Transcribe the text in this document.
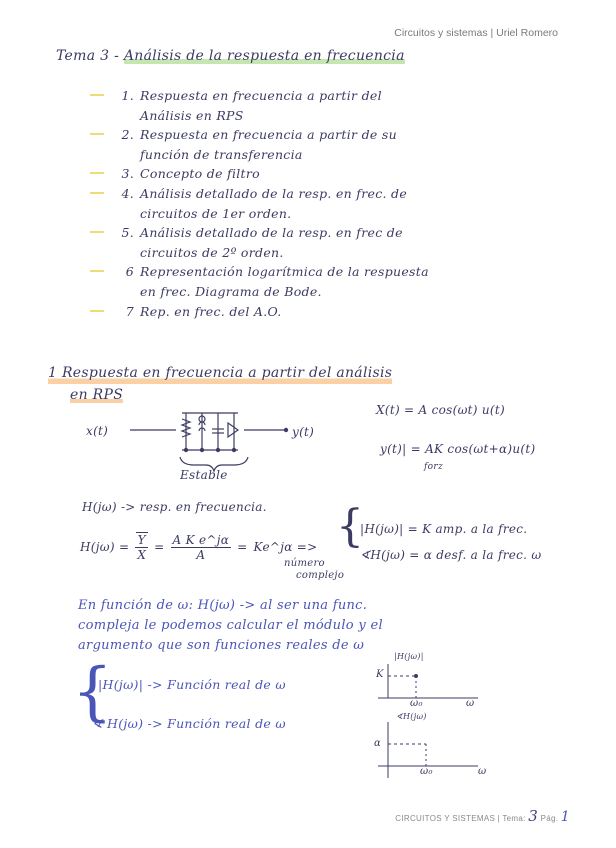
Circuitos y sistemas | Uriel Romero
Tema 3 - Análisis de la respuesta en frecuencia
1. Respuesta en frecuencia a partir del
Análisis en RPS
2. Respuesta en frecuencia a partir de su
función de transferencia
3. Concepto de filtro
4. Análisis detallado de la resp. en frec. de
circuitos de 1er orden.
5. Análisis detallado de la resp. en frec de
circuitos de 2º orden.
6 Representación logarítmica de la respuesta
en frec. Diagrama de Bode.
7 Rep. en frec. del A.O.
1 Respuesta en frecuencia a partir del análisis
en RPS
x(t)	y(t)
Estable
X(t) = A cos(ωt) u(t)
y(t)| = AK cos(ωt+α)u(t)
forz
H(jω) -> resp. en frecuencia.
$H(j\omega) = \frac{Y}{X} = \frac{\text{A K e\textasciicircum{}jα}}{A}$ = Ke^jα =>
número
complejo
{
|H(jω)| = K amp. a la frec.
∢H(jω) = α desf. a la frec. ω
En función de ω: H(jω) -> al ser una func.
compleja le podemos calcular el módulo y el
argumento que son funciones reales de ω
{
|H(jω)| -> Función real de ω
∢ H(jω) -> Función real de ω
|H(jω)|
K
ω₀	ω
∢H(jω)
α
ω₀	ω
CIRCUITOS Y SISTEMAS | Tema: 3 Pág. 1
